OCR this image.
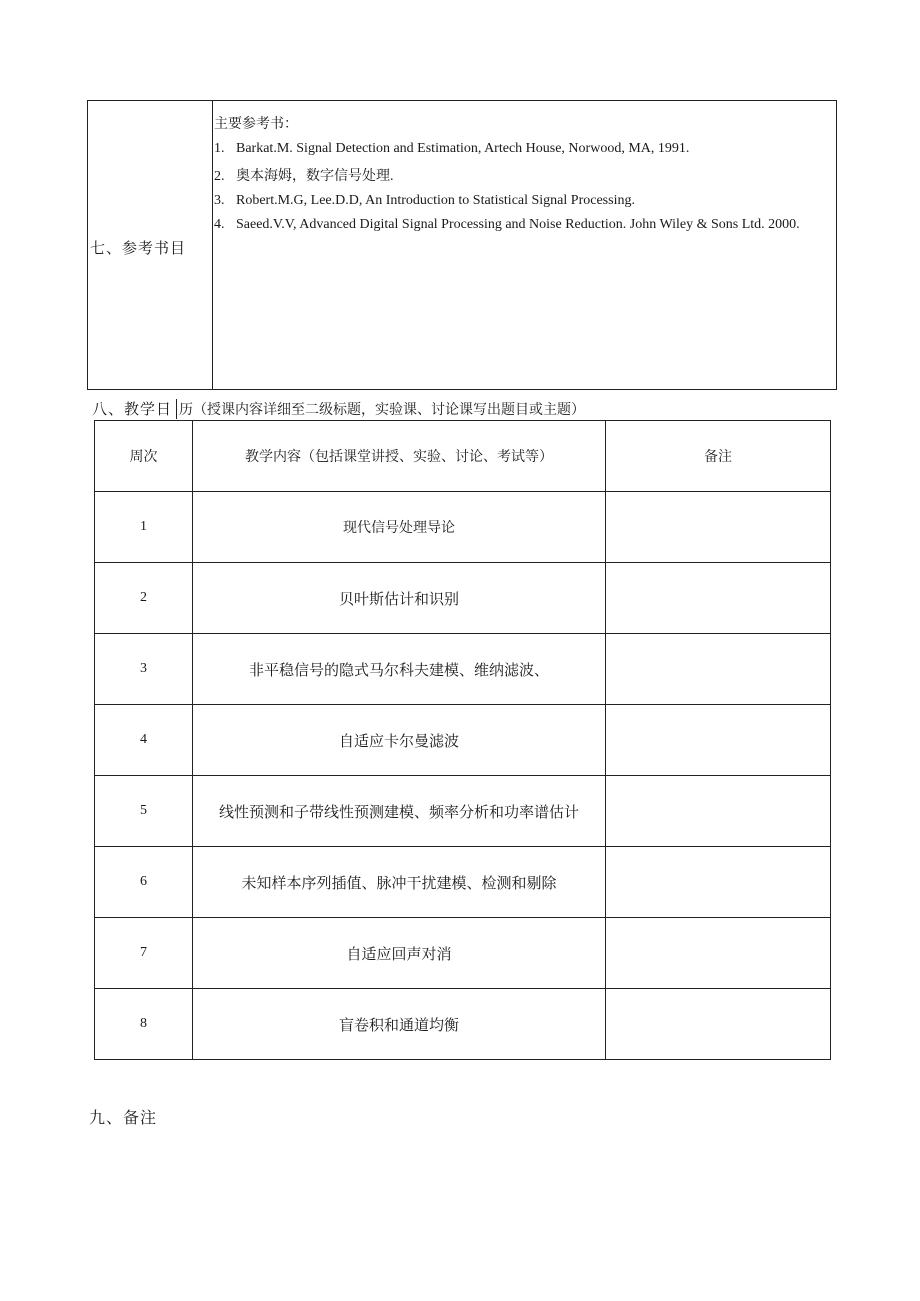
七、参考书目
主要参考书：
1. Barkat.M. Signal Detection and Estimation, Artech House, Norwood, MA, 1991.
2. 奥本海姆，数字信号处理.
3. Robert.M.G, Lee.D.D, An Introduction to Statistical Signal Processing.
4. Saeed.V.V, Advanced Digital Signal Processing and Noise Reduction. John Wiley & Sons Ltd. 2000.
八、教学日 历（授课内容详细至二级标题，实验课、讨论课写出题目或主题）
周次	教学内容（包括课堂讲授、实验、讨论、考试等）	备注
1	现代信号处理导论	
2	贝叶斯估计和识别	
3	非平稳信号的隐式马尔科夫建模、维纳滤波、	
4	自适应卡尔曼滤波	
5	线性预测和子带线性预测建模、频率分析和功率谱估计	
6	未知样本序列插值、脉冲干扰建模、检测和剔除	
7	自适应回声对消	
8	盲卷积和通道均衡	
九、备注
